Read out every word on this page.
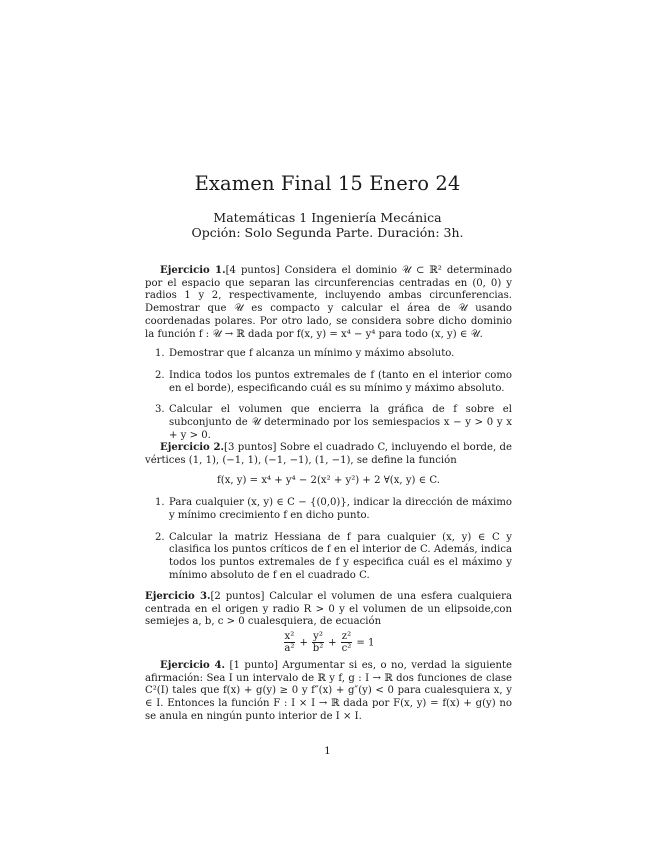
Examen Final 15 Enero 24
Matemáticas 1 Ingeniería Mecánica
Opción: Solo Segunda Parte. Duración: 3h.

Ejercicio 1.[4 puntos] Considera el dominio 𝒰 ⊂ ℝ² determinado por el espacio que separan las circunferencias centradas en (0, 0) y radios 1 y 2, respectivamente, incluyendo ambas circunferencias. Demostrar que 𝒰 es compacto y calcular el área de 𝒰 usando coordenadas polares. Por otro lado, se considera sobre dicho dominio la función f : 𝒰 → ℝ dada por f(x, y) = x⁴ − y⁴ para todo (x, y) ∈ 𝒰.

1. Demostrar que f alcanza un mínimo y máximo absoluto.
2. Indica todos los puntos extremales de f (tanto en el interior como en el borde), especificando cuál es su mínimo y máximo absoluto.
3. Calcular el volumen que encierra la gráfica de f sobre el subconjunto de 𝒰 determinado por los semiespacios x − y > 0 y x + y > 0.

Ejercicio 2.[3 puntos] Sobre el cuadrado C, incluyendo el borde, de vértices (1, 1), (−1, 1), (−1, −1), (1, −1), se define la función

f(x, y) = x⁴ + y⁴ − 2(x² + y²) + 2 ∀(x, y) ∈ C.

1. Para cualquier (x, y) ∈ C − {(0,0)}, indicar la dirección de máximo y mínimo crecimiento f en dicho punto.
2. Calcular la matriz Hessiana de f para cualquier (x, y) ∈ C y clasifica los puntos críticos de f en el interior de C. Además, indica todos los puntos extremales de f y especifica cuál es el máximo y mínimo absoluto de f en el cuadrado C.

Ejercicio 3.[2 puntos] Calcular el volumen de una esfera cualquiera centrada en el origen y radio R > 0 y el volumen de un elipsoide,con semiejes a, b, c > 0 cualesquiera, de ecuación

$\frac{\text{x²}}{\text{a²}} + \frac{\text{y²}}{\text{b²}} + \frac{\text{z²}}{\text{c²}} = 1$

Ejercicio 4. [1 punto] Argumentar si es, o no, verdad la siguiente afirmación: Sea I un intervalo de ℝ y f, g : I → ℝ dos funciones de clase C²(I) tales que f(x) + g(y) ≥ 0 y f″(x) + g″(y) < 0 para cualesquiera x, y ∈ I. Entonces la función F : I × I → ℝ dada por F(x, y) = f(x) + g(y) no se anula en ningún punto interior de I × I.

1
